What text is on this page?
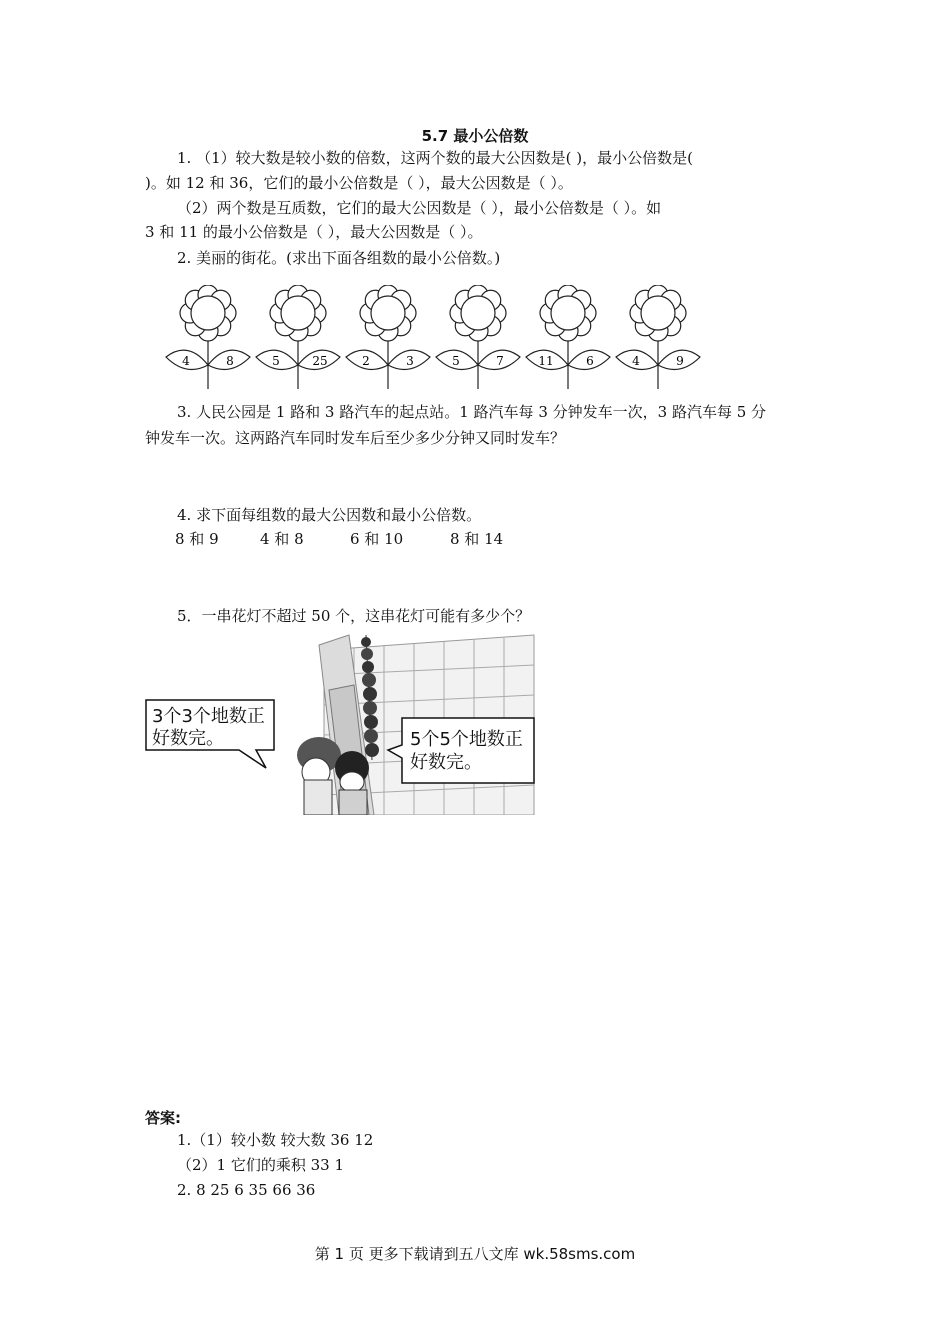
5.7 最小公倍数
1. （1）较大数是较小数的倍数，这两个数的最大公因数是( )，最小公倍数是(
)。如 12 和 36，它们的最小公倍数是（ ），最大公因数是（ ）。
（2）两个数是互质数，它们的最大公因数是（ ），最小公倍数是（ ）。如
3 和 11 的最小公倍数是（ ），最大公因数是（ ）。
2. 美丽的街花。(求出下面各组数的最小公倍数。)
4	8	5	25	2	3	5	7	11	6	4	9
3. 人民公园是 1 路和 3 路汽车的起点站。1 路汽车每 3 分钟发车一次，3 路汽车每 5 分
钟发车一次。这两路汽车同时发车后至少多少分钟又同时发车？
4. 求下面每组数的最大公因数和最小公倍数。
8 和 9	4 和 8	6 和 10	8 和 14
5．一串花灯不超过 50 个，这串花灯可能有多少个？
3个3个地数正
好数完。	5个5个地数正
好数完。
答案:
1.（1）较小数 较大数 36 12
（2）1 它们的乘积 33 1
2. 8 25 6 35 66 36
第 1 页 更多下载请到五八文库 wk.58sms.com
